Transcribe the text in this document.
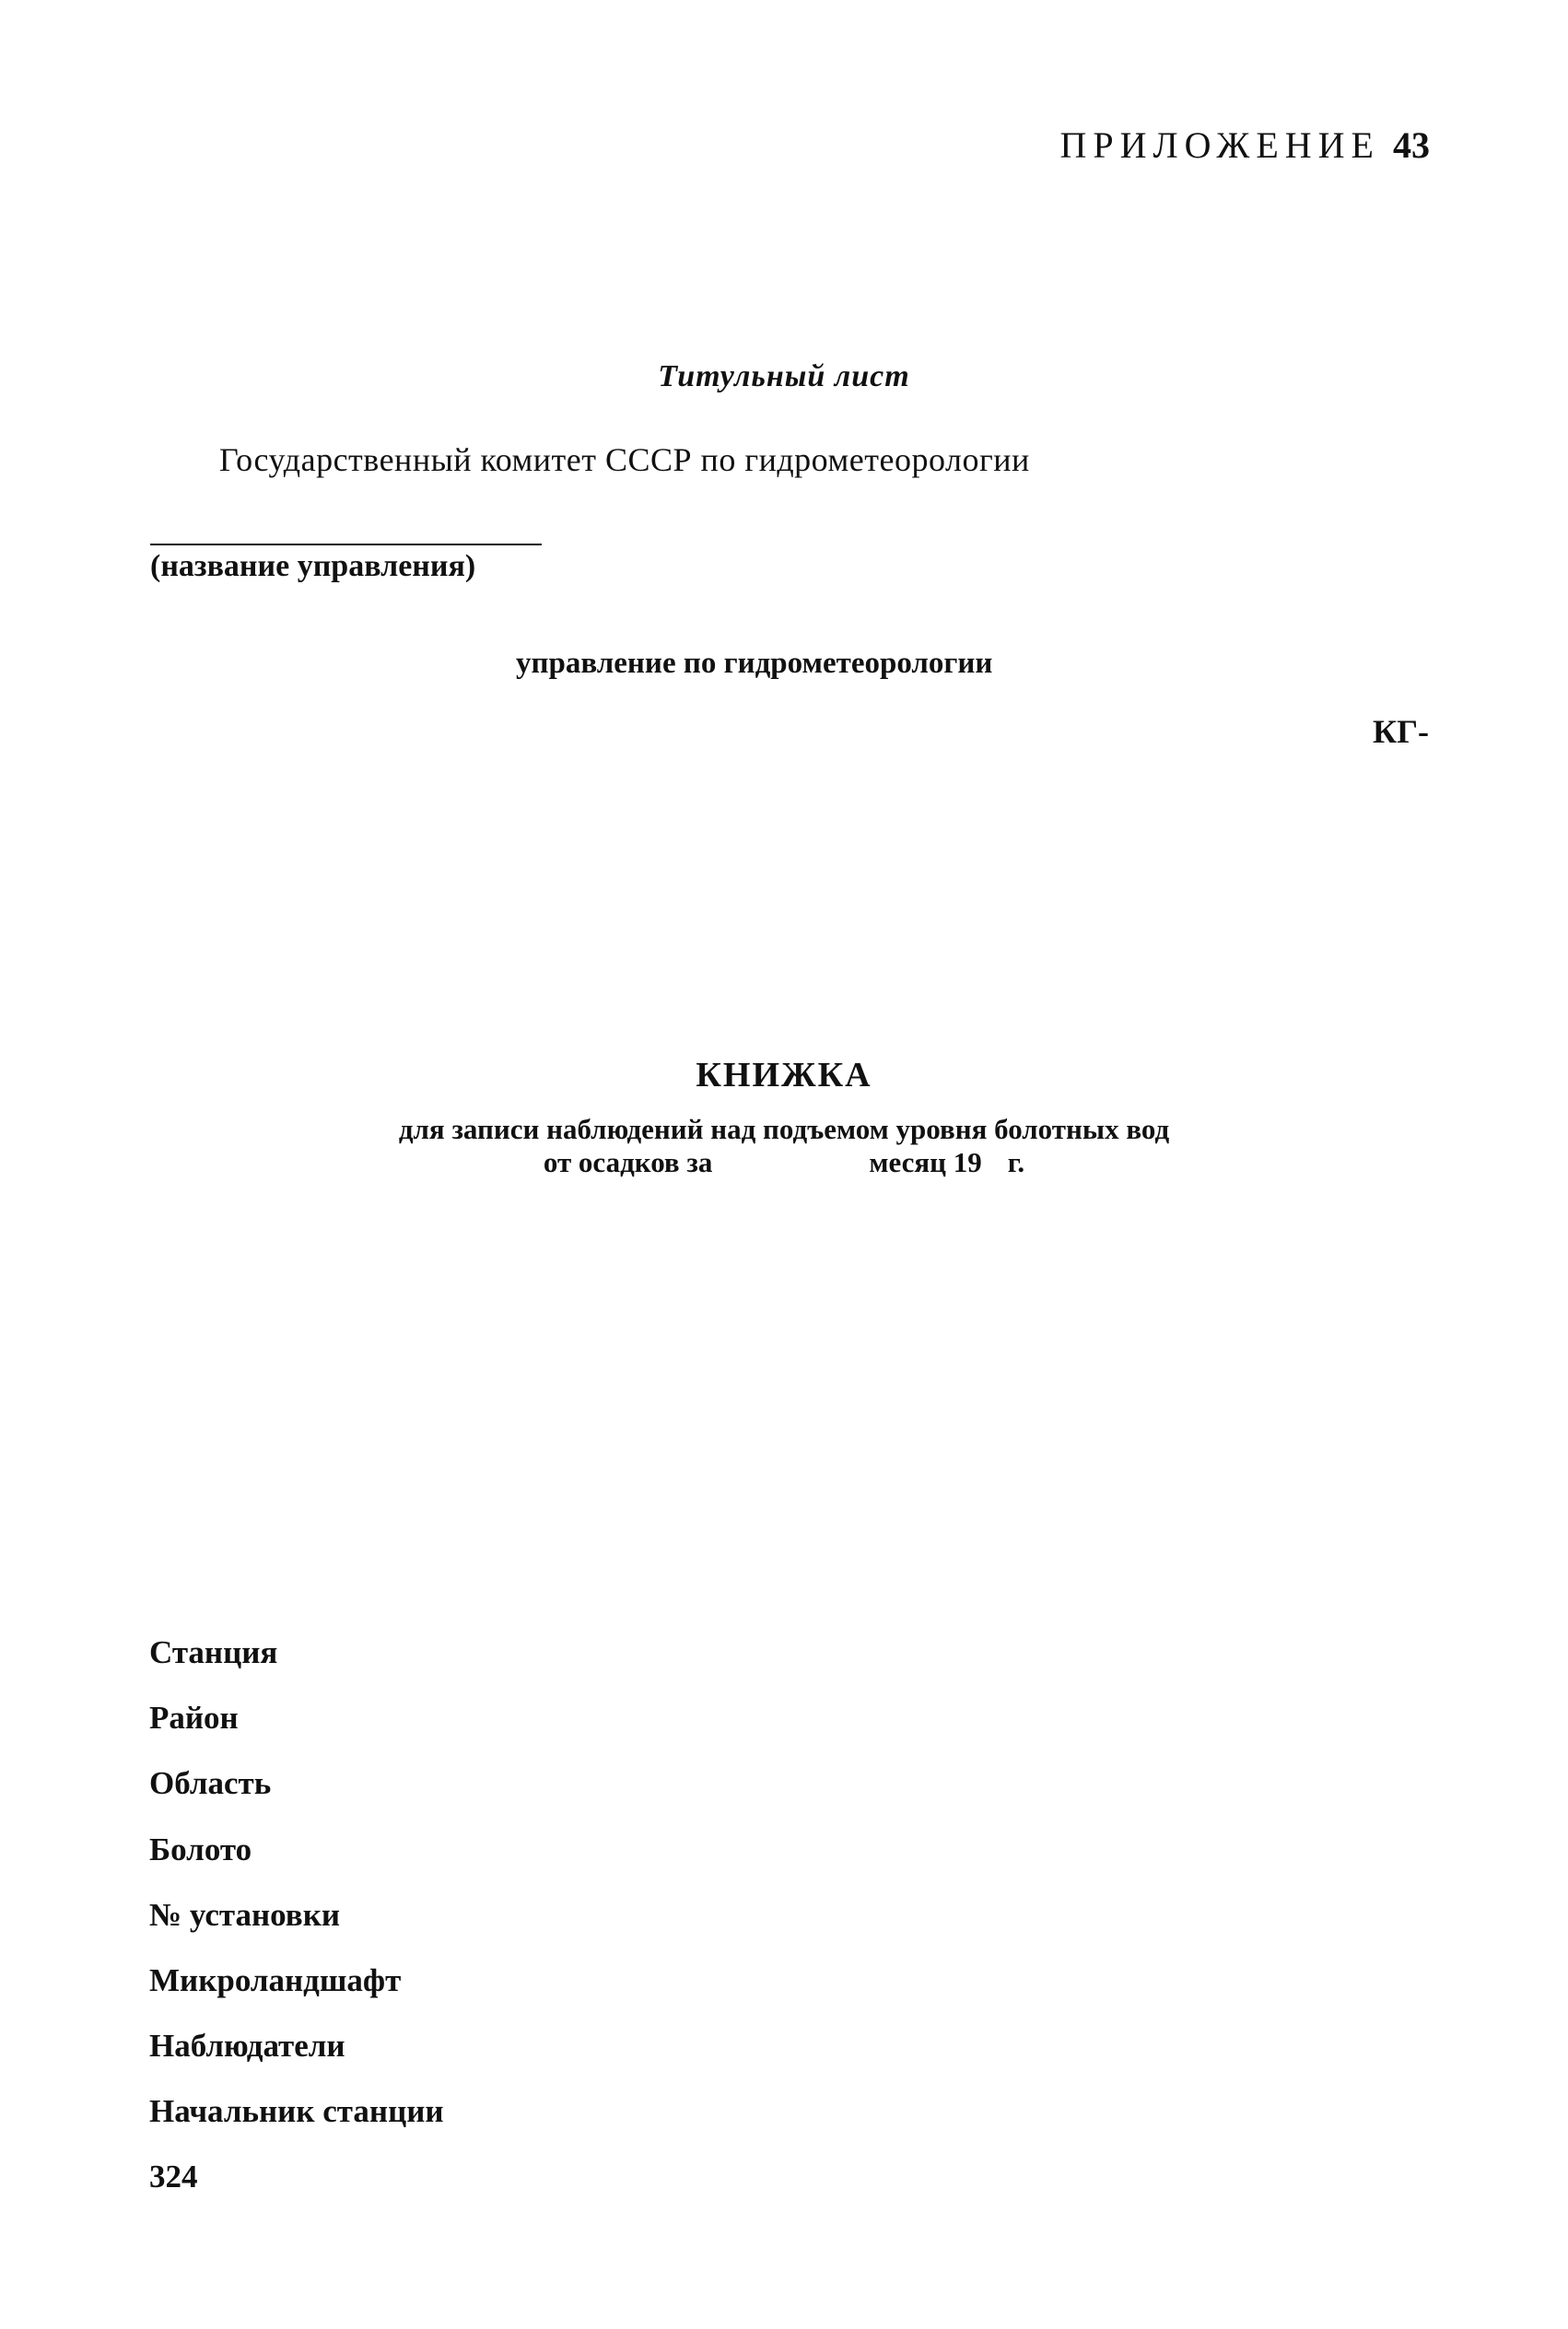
ПРИЛОЖЕНИЕ 43
Титульный лист
Государственный комитет СССР по гидрометеорологии
(название управления)
управление по гидрометеорологии
КГ-
КНИЖКА
для записи наблюдений над подъемом уровня болотных вод
от осадков за	месяц 19 г.
Станция
Район
Область
Болото
№ установки
Микроландшафт
Наблюдатели
Начальник станции
324
